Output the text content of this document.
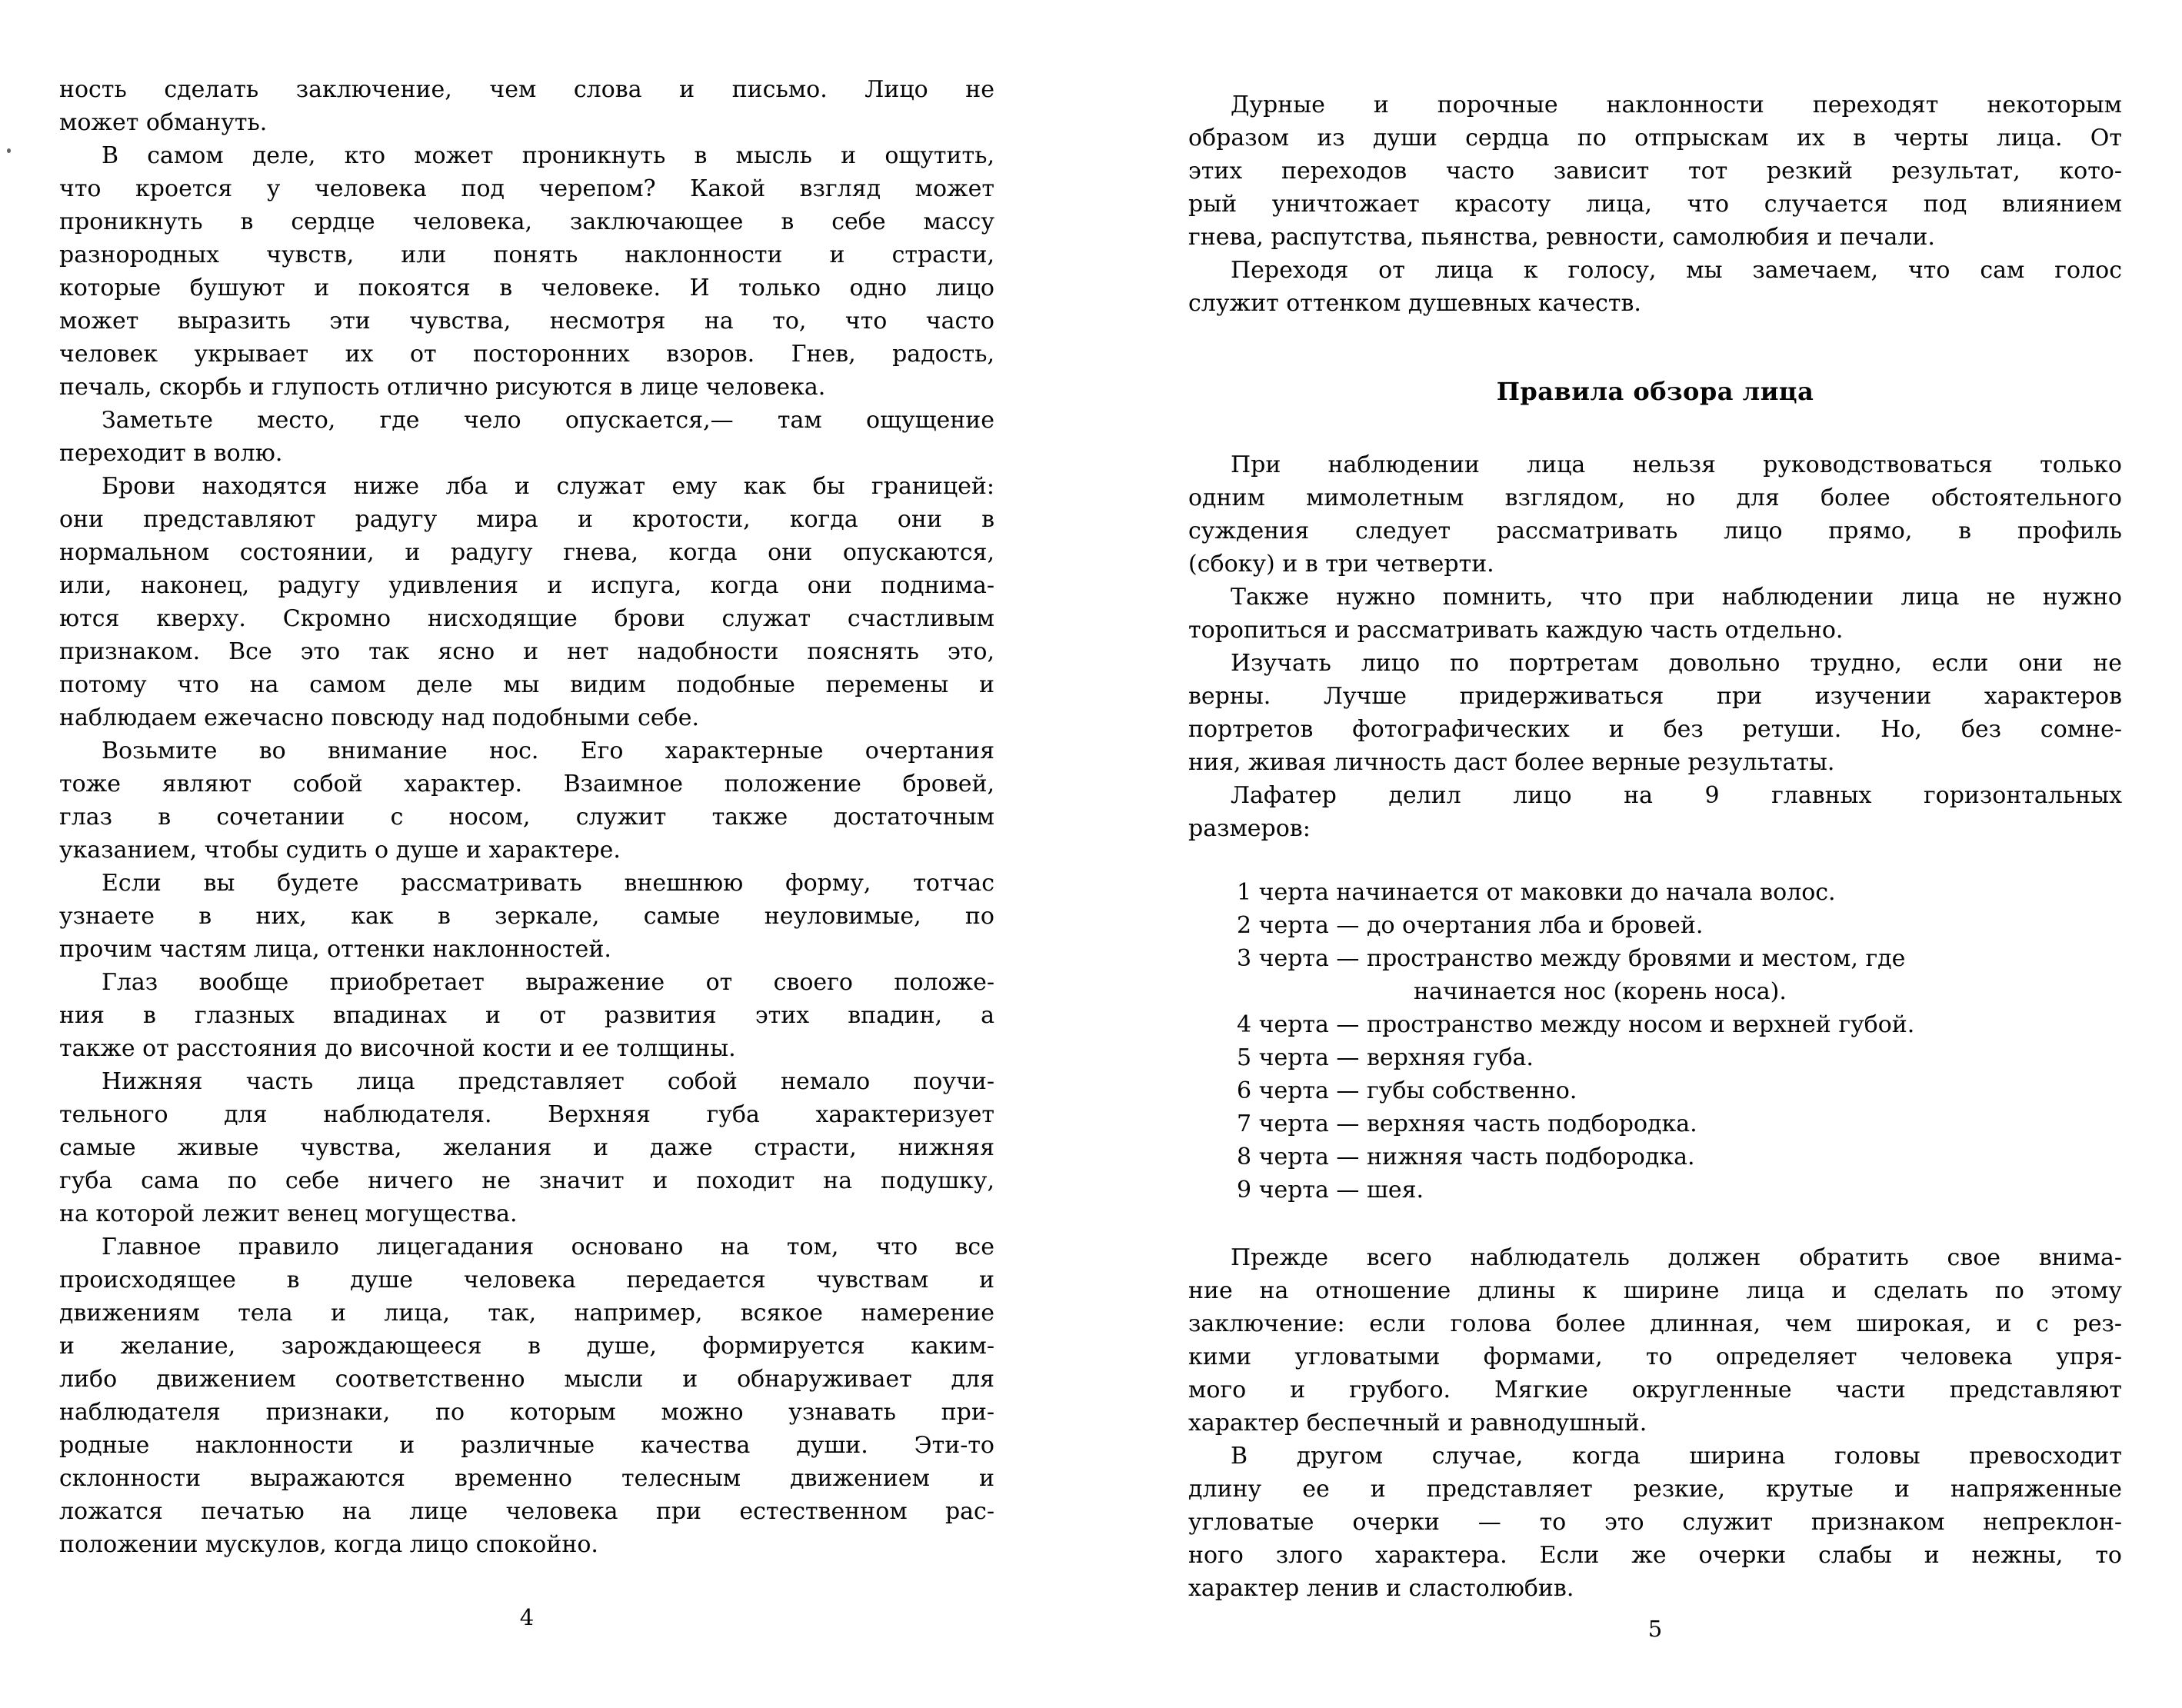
ность сделать заключение, чем слова и письмо. Лицо не
может обмануть.
В самом деле, кто может проникнуть в мысль и ощутить,
что кроется у человека под черепом? Какой взгляд может
проникнуть в сердце человека, заключающее в себе массу
разнородных чувств, или понять наклонности и страсти,
которые бушуют и покоятся в человеке. И только одно лицо
может выразить эти чувства, несмотря на то, что часто
человек укрывает их от посторонних взоров. Гнев, радость,
печаль, скорбь и глупость отлично рисуются в лице человека.
Заметьте место, где чело опускается,— там ощущение
переходит в волю.
Брови находятся ниже лба и служат ему как бы границей:
они представляют радугу мира и кротости, когда они в
нормальном состоянии, и радугу гнева, когда они опускаются,
или, наконец, радугу удивления и испуга, когда они поднима-
ются кверху. Скромно нисходящие брови служат счастливым
признаком. Все это так ясно и нет надобности пояснять это,
потому что на самом деле мы видим подобные перемены и
наблюдаем ежечасно повсюду над подобными себе.
Возьмите во внимание нос. Его характерные очертания
тоже являют собой характер. Взаимное положение бровей,
глаз в сочетании с носом, служит также достаточным
указанием, чтобы судить о душе и характере.
Если вы будете рассматривать внешнюю форму, тотчас
узнаете в них, как в зеркале, самые неуловимые, по
прочим частям лица, оттенки наклонностей.
Глаз вообще приобретает выражение от своего положе-
ния в глазных впадинах и от развития этих впадин, а
также от расстояния до височной кости и ее толщины.
Нижняя часть лица представляет собой немало поучи-
тельного для наблюдателя. Верхняя губа характеризует
самые живые чувства, желания и даже страсти, нижняя
губа сама по себе ничего не значит и походит на подушку,
на которой лежит венец могущества.
Главное правило лицегадания основано на том, что все
происходящее в душе человека передается чувствам и
движениям тела и лица, так, например, всякое намерение
и желание, зарождающееся в душе, формируется каким-
либо движением соответственно мысли и обнаруживает для
наблюдателя признаки, по которым можно узнавать при-
родные наклонности и различные качества души. Эти-то
склонности выражаются временно телесным движением и
ложатся печатью на лице человека при естественном рас-
положении мускулов, когда лицо спокойно.
Дурные и порочные наклонности переходят некоторым
образом из души сердца по отпрыскам их в черты лица. От
этих переходов часто зависит тот резкий результат, кото-
рый уничтожает красоту лица, что случается под влиянием
гнева, распутства, пьянства, ревности, самолюбия и печали.
Переходя от лица к голосу, мы замечаем, что сам голос
служит оттенком душевных качеств.
Правила обзора лица
При наблюдении лица нельзя руководствоваться только
одним мимолетным взглядом, но для более обстоятельного
суждения следует рассматривать лицо прямо, в профиль
(сбоку) и в три четверти.
Также нужно помнить, что при наблюдении лица не нужно
торопиться и рассматривать каждую часть отдельно.
Изучать лицо по портретам довольно трудно, если они не
верны. Лучше придерживаться при изучении характеров
портретов фотографических и без ретуши. Но, без сомне-
ния, живая личность даст более верные результаты.
Лафатер делил лицо на 9 главных горизонтальных
размеров:
1 черта начинается от маковки до начала волос.
2 черта — до очертания лба и бровей.
3 черта — пространство между бровями и местом, где
начинается нос (корень носа).
4 черта — пространство между носом и верхней губой.
5 черта — верхняя губа.
6 черта — губы собственно.
7 черта — верхняя часть подбородка.
8 черта — нижняя часть подбородка.
9 черта — шея.
Прежде всего наблюдатель должен обратить свое внима-
ние на отношение длины к ширине лица и сделать по этому
заключение: если голова более длинная, чем широкая, и с рез-
кими угловатыми формами, то определяет человека упря-
мого и грубого. Мягкие округленные части представляют
характер беспечный и равнодушный.
В другом случае, когда ширина головы превосходит
длину ее и представляет резкие, крутые и напряженные
угловатые очерки — то это служит признаком непреклон-
ного злого характера. Если же очерки слабы и нежны, то
характер ленив и сластолюбив.
4	5
